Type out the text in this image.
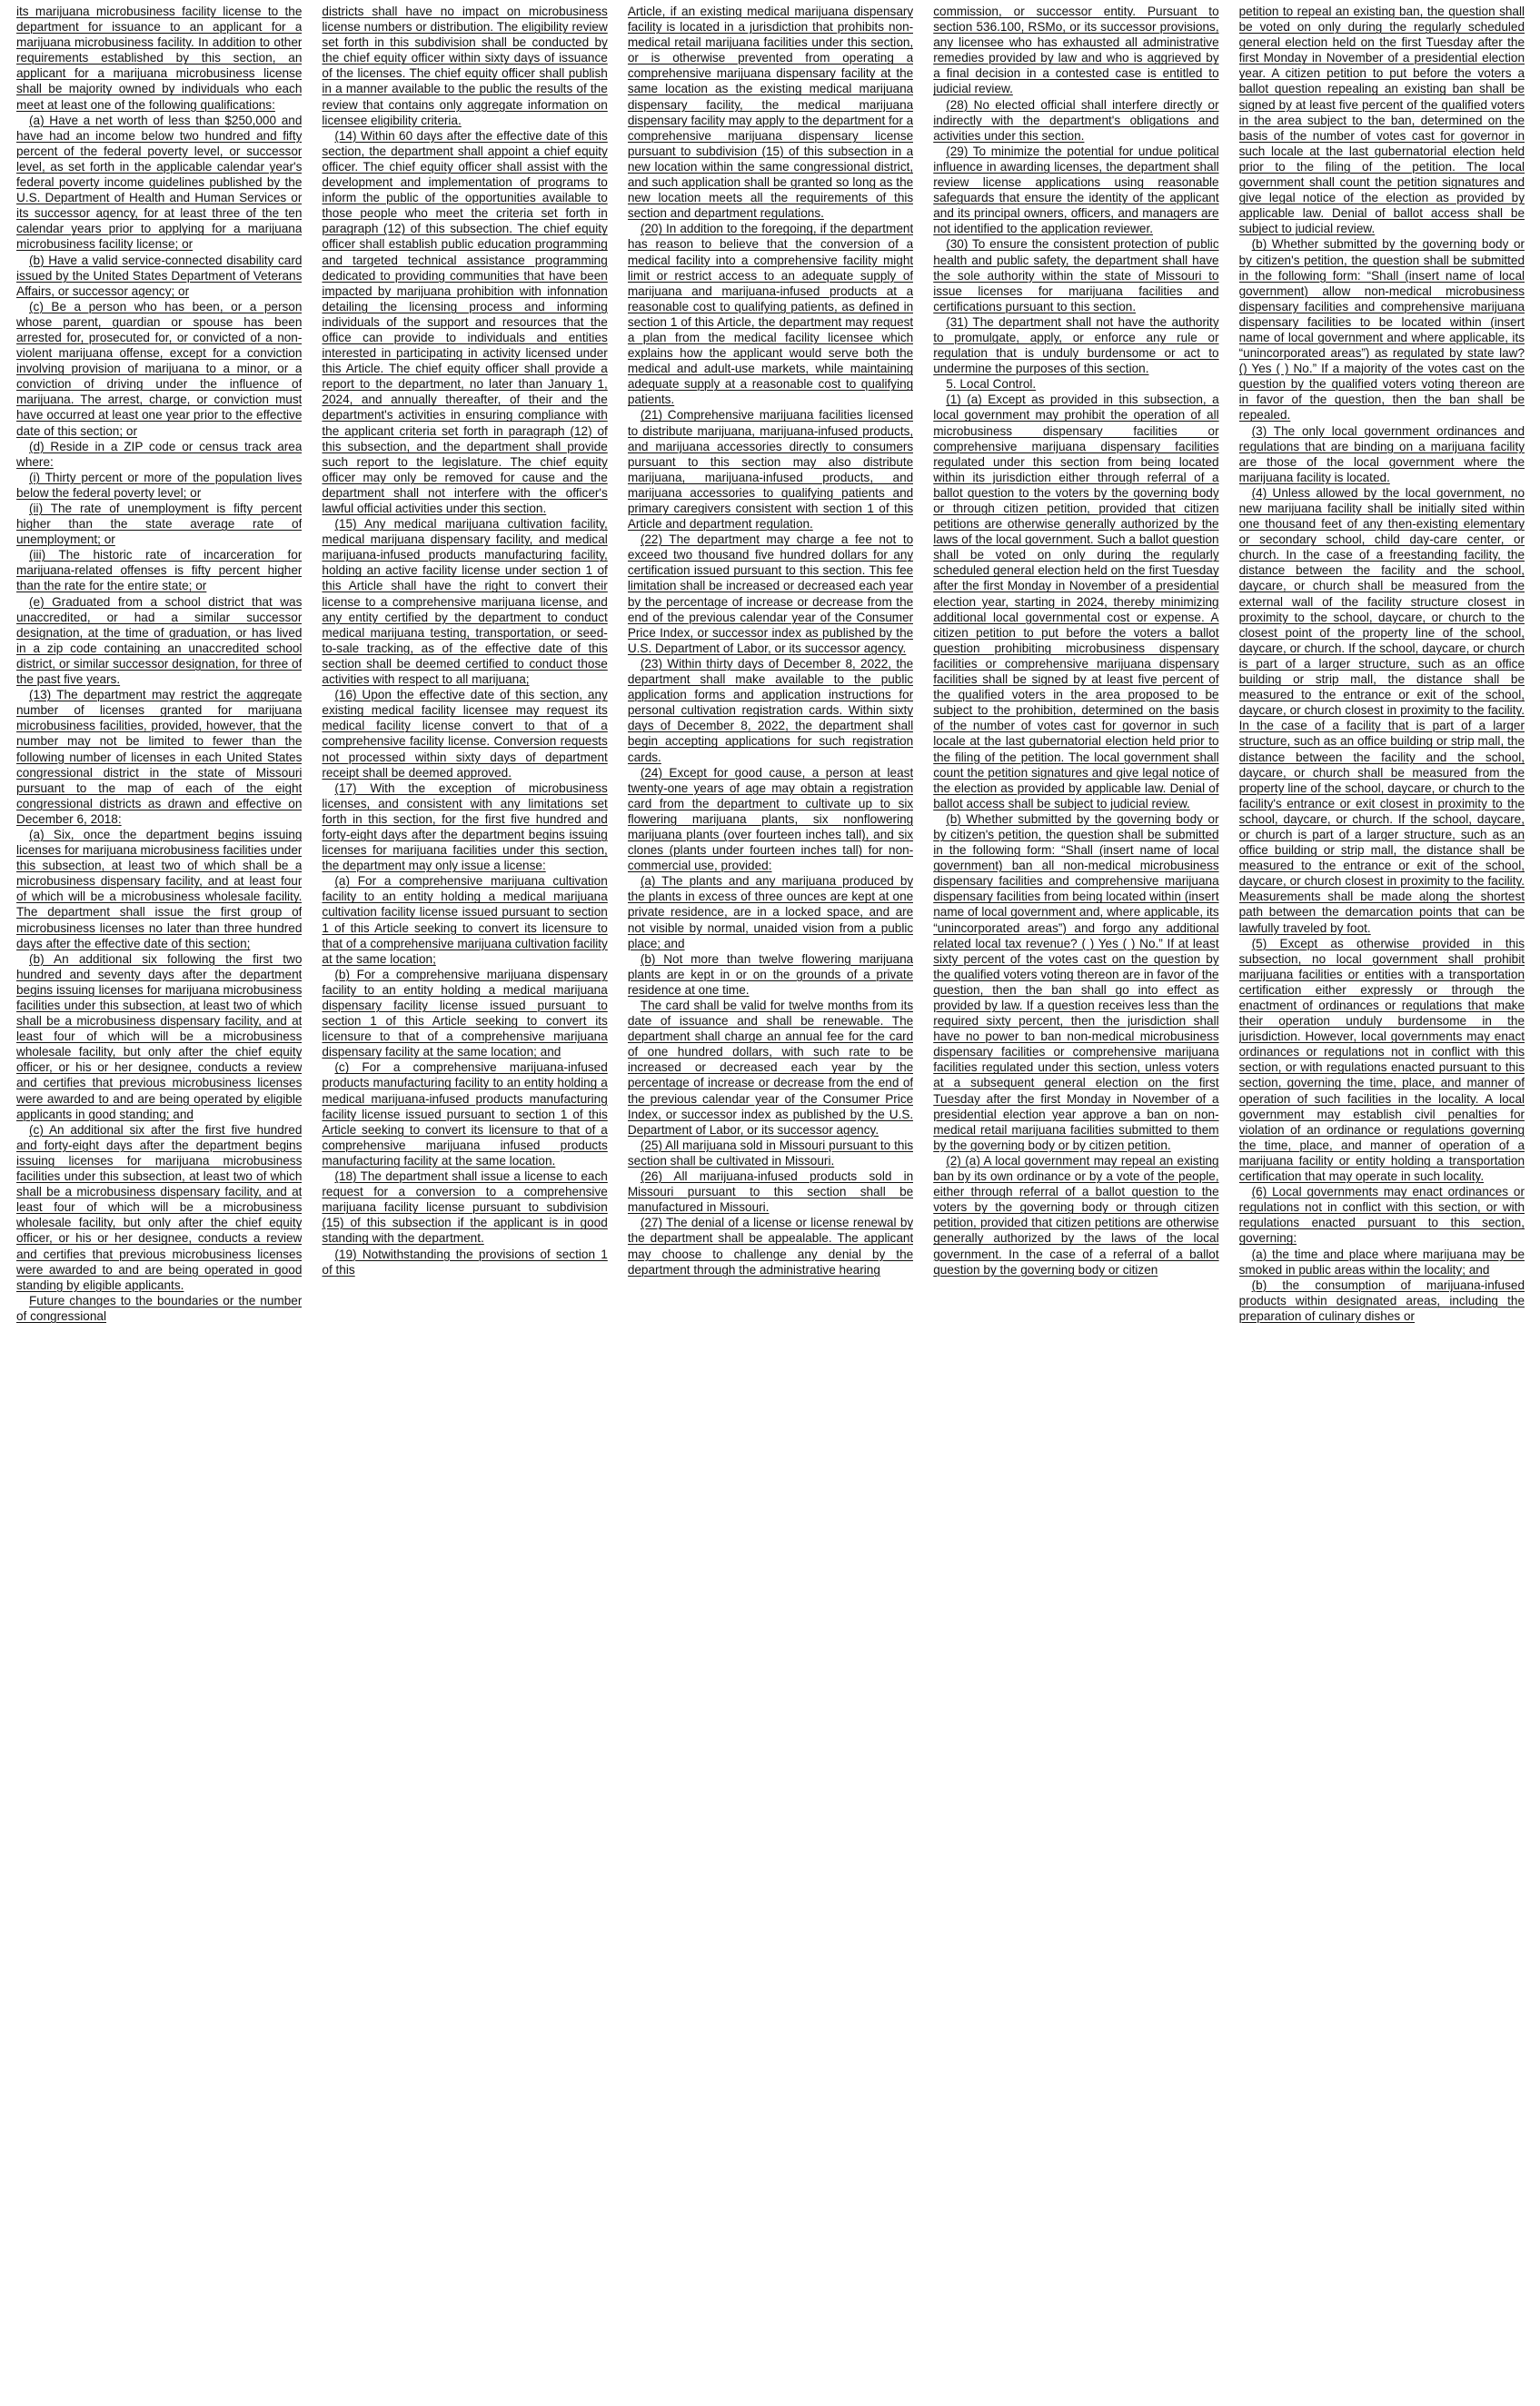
its marijuana microbusiness facility license to the department for issuance to an applicant for a marijuana microbusiness facility. In addition to other requirements established by this section, an applicant for a marijuana microbusiness license shall be majority owned by individuals who each meet at least one of the following qualifications:

(a) Have a net worth of less than $250,000 and have had an income below two hundred and fifty percent of the federal poverty level, or successor level, as set forth in the applicable calendar year's federal poverty income guidelines published by the U.S. Department of Health and Human Services or its successor agency, for at least three of the ten calendar years prior to applying for a marijuana microbusiness facility license; or

(b) Have a valid service-connected disability card issued by the United States Department of Veterans Affairs, or successor agency; or

(c) Be a person who has been, or a person whose parent, guardian or spouse has been arrested for, prosecuted for, or convicted of a non-violent marijuana offense, except for a conviction involving provision of marijuana to a minor, or a conviction of driving under the influence of marijuana. The arrest, charge, or conviction must have occurred at least one year prior to the effective date of this section; or

(d) Reside in a ZIP code or census track area where:

(i) Thirty percent or more of the population lives below the federal poverty level; or

(ii) The rate of unemployment is fifty percent higher than the state average rate of unemployment; or

(iii) The historic rate of incarceration for marijuana-related offenses is fifty percent higher than the rate for the entire state; or

(e) Graduated from a school district that was unaccredited, or had a similar successor designation, at the time of graduation, or has lived in a zip code containing an unaccredited school district, or similar successor designation, for three of the past five years.

(13) The department may restrict the aggregate number of licenses granted for marijuana microbusiness facilities, provided, however, that the number may not be limited to fewer than the following number of licenses in each United States congressional district in the state of Missouri pursuant to the map of each of the eight congressional districts as drawn and effective on December 6, 2018:

(a) Six, once the department begins issuing licenses for marijuana microbusiness facilities under this subsection, at least two of which shall be a microbusiness dispensary facility, and at least four of which will be a microbusiness wholesale facility. The department shall issue the first group of microbusiness licenses no later than three hundred days after the effective date of this section;

(b) An additional six following the first two hundred and seventy days after the department begins issuing licenses for marijuana microbusiness facilities under this subsection, at least two of which shall be a microbusiness dispensary facility, and at least four of which will be a microbusiness wholesale facility, but only after the chief equity officer, or his or her designee, conducts a review and certifies that previous microbusiness licenses were awarded to and are being operated by eligible applicants in good standing; and

(c) An additional six after the first five hundred and forty-eight days after the department begins issuing licenses for marijuana microbusiness facilities under this subsection, at least two of which shall be a microbusiness dispensary facility, and at least four of which will be a microbusiness wholesale facility, but only after the chief equity officer, or his or her designee, conducts a review and certifies that previous microbusiness licenses were awarded to and are being operated in good standing by eligible applicants.

Future changes to the boundaries or the number of congressional

districts shall have no impact on microbusiness license numbers or distribution. The eligibility review set forth in this subdivision shall be conducted by the chief equity officer within sixty days of issuance of the licenses. The chief equity officer shall publish in a manner available to the public the results of the review that contains only aggregate information on licensee eligibility criteria.

(14) Within 60 days after the effective date of this section, the department shall appoint a chief equity officer. The chief equity officer shall assist with the development and implementation of programs to inform the public of the opportunities available to those people who meet the criteria set forth in paragraph (12) of this subsection. The chief equity officer shall establish public education programming and targeted technical assistance programming dedicated to providing communities that have been impacted by marijuana prohibition with infonnation detailing the licensing process and informing individuals of the support and resources that the office can provide to individuals and entities interested in participating in activity licensed under this Article. The chief equity officer shall provide a report to the department, no later than January 1, 2024, and annually thereafter, of their and the department's activities in ensuring compliance with the applicant criteria set forth in paragraph (12) of this subsection, and the department shall provide such report to the legislature. The chief equity officer may only be removed for cause and the department shall not interfere with the officer's lawful official activities under this section.

(15) Any medical marijuana cultivation facility, medical marijuana dispensary facility, and medical marijuana-infused products manufacturing facility, holding an active facility license under section 1 of this Article shall have the right to convert their license to a comprehensive marijuana license, and any entity certified by the department to conduct medical marijuana testing, transportation, or seed-to-sale tracking, as of the effective date of this section shall be deemed certified to conduct those activities with respect to all marijuana;

(16) Upon the effective date of this section, any existing medical facility licensee may request its medical facility license convert to that of a comprehensive facility license. Conversion requests not processed within sixty days of department receipt shall be deemed approved.

(17) With the exception of microbusiness licenses, and consistent with any limitations set forth in this section, for the first five hundred and forty-eight days after the department begins issuing licenses for marijuana facilities under this section, the department may only issue a license:

(a) For a comprehensive marijuana cultivation facility to an entity holding a medical marijuana cultivation facility license issued pursuant to section 1 of this Article seeking to convert its licensure to that of a comprehensive marijuana cultivation facility at the same location;

(b) For a comprehensive marijuana dispensary facility to an entity holding a medical marijuana dispensary facility license issued pursuant to section 1 of this Article seeking to convert its licensure to that of a comprehensive marijuana dispensary facility at the same location; and

(c) For a comprehensive marijuana-infused products manufacturing facility to an entity holding a medical marijuana-infused products manufacturing facility license issued pursuant to section 1 of this Article seeking to convert its licensure to that of a comprehensive marijuana infused products manufacturing facility at the same location.

(18) The department shall issue a license to each request for a conversion to a comprehensive marijuana facility license pursuant to subdivision (15) of this subsection if the applicant is in good standing with the department.

(19) Notwithstanding the provisions of section 1 of this

Article, if an existing medical marijuana dispensary facility is located in a jurisdiction that prohibits non-medical retail marijuana facilities under this section, or is otherwise prevented from operating a comprehensive marijuana dispensary facility at the same location as the existing medical marijuana dispensary facility, the medical marijuana dispensary facility may apply to the department for a comprehensive marijuana dispensary license pursuant to subdivision (15) of this subsection in a new location within the same congressional district, and such application shall be granted so long as the new location meets all the requirements of this section and department regulations.

(20) In addition to the foregoing, if the department has reason to believe that the conversion of a medical facility into a comprehensive facility might limit or restrict access to an adequate supply of marijuana and marijuana-infused products at a reasonable cost to qualifying patients, as defined in section 1 of this Article, the department may request a plan from the medical facility licensee which explains how the applicant would serve both the medical and adult-use markets, while maintaining adequate supply at a reasonable cost to qualifying patients.

(21) Comprehensive marijuana facilities licensed to distribute marijuana, marijuana-infused products, and marijuana accessories directly to consumers pursuant to this section may also distribute marijuana, marijuana-infused products, and marijuana accessories to qualifying patients and primary caregivers consistent with section 1 of this Article and department regulation.

(22) The department may charge a fee not to exceed two thousand five hundred dollars for any certification issued pursuant to this section. This fee limitation shall be increased or decreased each year by the percentage of increase or decrease from the end of the previous calendar year of the Consumer Price Index, or successor index as published by the U.S. Department of Labor, or its successor agency.

(23) Within thirty days of December 8, 2022, the department shall make available to the public application forms and application instructions for personal cultivation registration cards. Within sixty days of December 8, 2022, the department shall begin accepting applications for such registration cards.

(24) Except for good cause, a person at least twenty-one years of age may obtain a registration card from the department to cultivate up to six flowering marijuana plants, six nonflowering marijuana plants (over fourteen inches tall), and six clones (plants under fourteen inches tall) for non-commercial use, provided:

(a) The plants and any marijuana produced by the plants in excess of three ounces are kept at one private residence, are in a locked space, and are not visible by normal, unaided vision from a public place; and

(b) Not more than twelve flowering marijuana plants are kept in or on the grounds of a private residence at one time.

The card shall be valid for twelve months from its date of issuance and shall be renewable. The department shall charge an annual fee for the card of one hundred dollars, with such rate to be increased or decreased each year by the percentage of increase or decrease from the end of the previous calendar year of the Consumer Price Index, or successor index as published by the U.S. Department of Labor, or its successor agency.

(25) All marijuana sold in Missouri pursuant to this section shall be cultivated in Missouri.

(26) All marijuana-infused products sold in Missouri pursuant to this section shall be manufactured in Missouri.

(27) The denial of a license or license renewal by the department shall be appealable. The applicant may choose to challenge any denial by the department through the administrative hearing

commission, or successor entity. Pursuant to section 536.100, RSMo, or its successor provisions, any licensee who has exhausted all administrative remedies provided by law and who is aggrieved by a final decision in a contested case is entitled to judicial review.

(28) No elected official shall interfere directly or indirectly with the department's obligations and activities under this section.

(29) To minimize the potential for undue political influence in awarding licenses, the department shall review license applications using reasonable safeguards that ensure the identity of the applicant and its principal owners, officers, and managers are not identified to the application reviewer.

(30) To ensure the consistent protection of public health and public safety, the department shall have the sole authority within the state of Missouri to issue licenses for marijuana facilities and certifications pursuant to this section.

(31) The department shall not have the authority to promulgate, apply, or enforce any rule or regulation that is unduly burdensome or act to undermine the purposes of this section.

5. Local Control.

(1) (a) Except as provided in this subsection, a local government may prohibit the operation of all microbusiness dispensary facilities or comprehensive marijuana dispensary facilities regulated under this section from being located within its jurisdiction either through referral of a ballot question to the voters by the governing body or through citizen petition, provided that citizen petitions are otherwise generally authorized by the laws of the local government. Such a ballot question shall be voted on only during the regularly scheduled general election held on the first Tuesday after the first Monday in November of a presidential election year, starting in 2024, thereby minimizing additional local governmental cost or expense. A citizen petition to put before the voters a ballot question prohibiting microbusiness dispensary facilities or comprehensive marijuana dispensary facilities shall be signed by at least five percent of the qualified voters in the area proposed to be subject to the prohibition, determined on the basis of the number of votes cast for governor in such locale at the last gubernatorial election held prior to the filing of the petition. The local government shall count the petition signatures and give legal notice of the election as provided by applicable law. Denial of ballot access shall be subject to judicial review.

(b) Whether submitted by the governing body or by citizen's petition, the question shall be submitted in the following form: “Shall (insert name of local government) ban all non-medical microbusiness dispensary facilities and comprehensive marijuana dispensary facilities from being located within (insert name of local government and, where applicable, its “unincorporated areas”) and forgo any additional related local tax revenue? ( ) Yes ( ) No.” If at least sixty percent of the votes cast on the question by the qualified voters voting thereon are in favor of the question, then the ban shall go into effect as provided by law. If a question receives less than the required sixty percent, then the jurisdiction shall have no power to ban non-medical microbusiness dispensary facilities or comprehensive marijuana facilities regulated under this section, unless voters at a subsequent general election on the first Tuesday after the first Monday in November of a presidential election year approve a ban on non-medical retail marijuana facilities submitted to them by the governing body or by citizen petition.

(2) (a) A local government may repeal an existing ban by its own ordinance or by a vote of the people, either through referral of a ballot question to the voters by the governing body or through citizen petition, provided that citizen petitions are otherwise generally authorized by the laws of the local government. In the case of a referral of a ballot question by the governing body or citizen

petition to repeal an existing ban, the question shall be voted on only during the regularly scheduled general election held on the first Tuesday after the first Monday in November of a presidential election year. A citizen petition to put before the voters a ballot question repealing an existing ban shall be signed by at least five percent of the qualified voters in the area subject to the ban, determined on the basis of the number of votes cast for governor in such locale at the last gubernatorial election held prior to the filing of the petition. The local government shall count the petition signatures and give legal notice of the election as provided by applicable law. Denial of ballot access shall be subject to judicial review.

(b) Whether submitted by the governing body or by citizen's petition, the question shall be submitted in the following form: “Shall (insert name of local government) allow non-medical microbusiness dispensary facilities and comprehensive marijuana dispensary facilities to be located within (insert name of local government and where applicable, its “unincorporated areas”) as regulated by state law? () Yes ( ) No.” If a majority of the votes cast on the question by the qualified voters voting thereon are in favor of the question, then the ban shall be repealed.

(3) The only local government ordinances and regulations that are binding on a marijuana facility are those of the local government where the marijuana facility is located.

(4) Unless allowed by the local government, no new marijuana facility shall be initially sited within one thousand feet of any then-existing elementary or secondary school, child day-care center, or church. In the case of a freestanding facility, the distance between the facility and the school, daycare, or church shall be measured from the external wall of the facility structure closest in proximity to the school, daycare, or church to the closest point of the property line of the school, daycare, or church. If the school, daycare, or church is part of a larger structure, such as an office building or strip mall, the distance shall be measured to the entrance or exit of the school, daycare, or church closest in proximity to the facility. In the case of a facility that is part of a larger structure, such as an office building or strip mall, the distance between the facility and the school, daycare, or church shall be measured from the property line of the school, daycare, or church to the facility's entrance or exit closest in proximity to the school, daycare, or church. If the school, daycare, or church is part of a larger structure, such as an office building or strip mall, the distance shall be measured to the entrance or exit of the school, daycare, or church closest in proximity to the facility. Measurements shall be made along the shortest path between the demarcation points that can be lawfully traveled by foot.

(5) Except as otherwise provided in this subsection, no local government shall prohibit marijuana facilities or entities with a transportation certification either expressly or through the enactment of ordinances or regulations that make their operation unduly burdensome in the jurisdiction. However, local governments may enact ordinances or regulations not in conflict with this section, or with regulations enacted pursuant to this section, governing the time, place, and manner of operation of such facilities in the locality. A local government may establish civil penalties for violation of an ordinance or regulations governing the time, place, and manner of operation of a marijuana facility or entity holding a transportation certification that may operate in such locality.

(6) Local governments may enact ordinances or regulations not in conflict with this section, or with regulations enacted pursuant to this section, governing:

(a) the time and place where marijuana may be smoked in public areas within the locality; and

(b) the consumption of marijuana-infused products within designated areas, including the preparation of culinary dishes or
